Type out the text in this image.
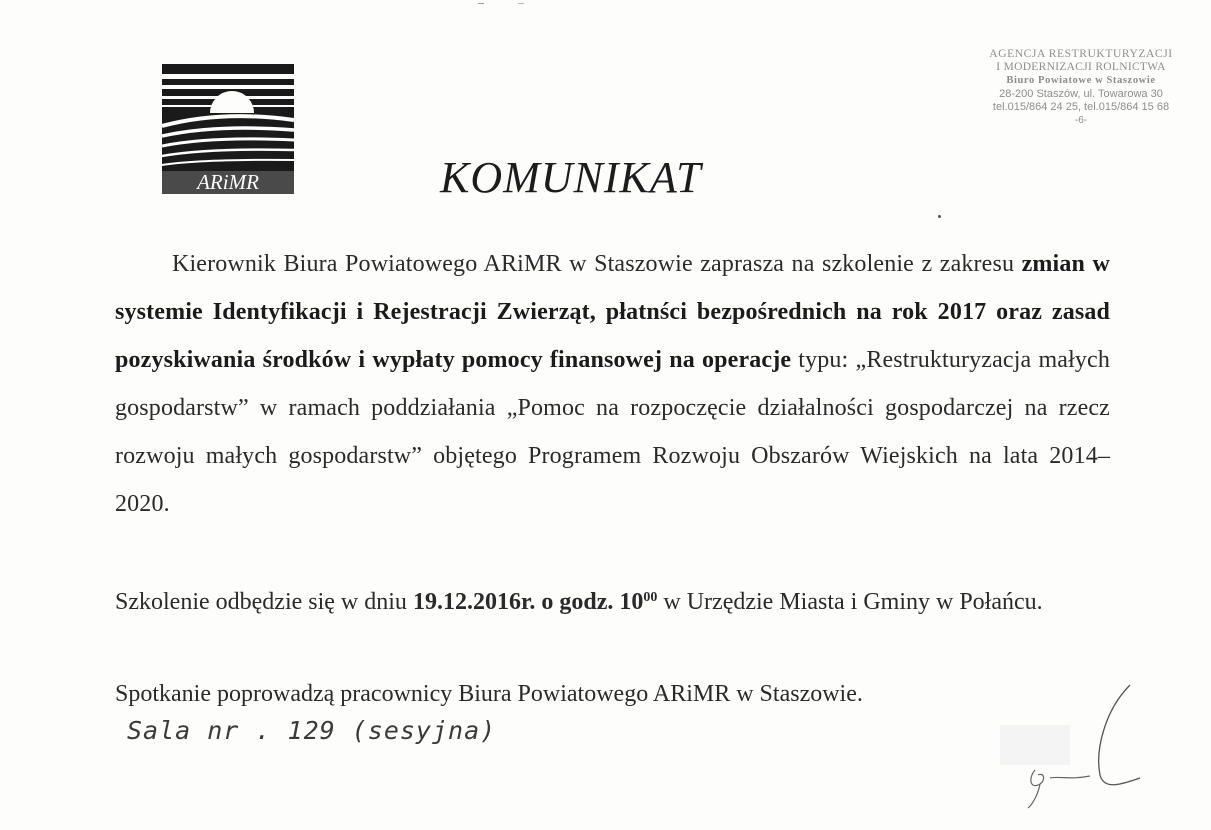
ARiMR
AGENCJA RESTRUKTURYZACJI
I MODERNIZACJI ROLNICTWA
Biuro Powiatowe w Staszowie
28-200 Staszów, ul. Towarowa 30
tel.015/864 24 25, tel.015/864 15 68
-6-
KOMUNIKAT
Kierownik Biura Powiatowego ARiMR w Staszowie zaprasza na szkolenie z zakresu zmian w systemie Identyfikacji i Rejestracji Zwierząt, płatnści bezpośrednich na rok 2017 oraz zasad pozyskiwania środków i wypłaty pomocy finansowej na operacje typu: „Restrukturyzacja małych gospodarstw” w ramach poddziałania „Pomoc na rozpoczęcie działalności gospodarczej na rzecz rozwoju małych gospodarstw” objętego Programem Rozwoju Obszarów Wiejskich na lata 2014–2020.
Szkolenie odbędzie się w dniu 19.12.2016r. o godz. $10^{00}$ w Urzędzie Miasta i Gminy w Połańcu.
Spotkanie poprowadzą pracownicy Biura Powiatowego ARiMR w Staszowie.
Sala nr . 129 (sesyjna)
